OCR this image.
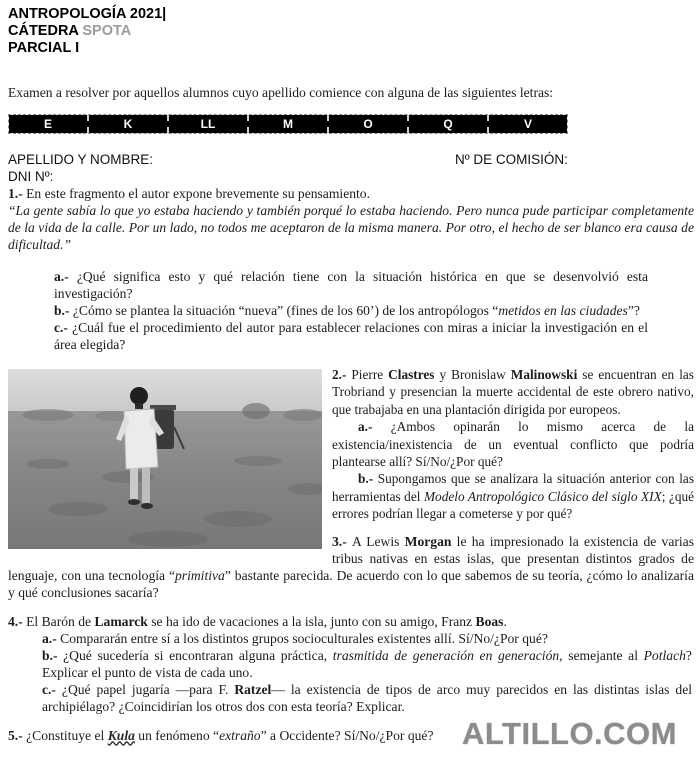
ANTROPOLOGÍA 2021|
CÁTEDRA SPOTA
PARCIAL I

Examen a resolver por aquellos alumnos cuyo apellido comience con alguna de las siguientes letras:

E	K	LL	M	O	Q	V
APELLIDO Y NOMBRE:	Nº DE COMISIÓN:
DNI Nº:

1.- En este fragmento el autor expone brevemente su pensamiento.

“La gente sabía lo que yo estaba haciendo y también porqué lo estaba haciendo. Pero nunca pude participar completamente de la vida de la calle. Por un lado, no todos me aceptaron de la misma manera. Por otro, el hecho de ser blanco era causa de dificultad.”

a.- ¿Qué significa esto y qué relación tiene con la situación histórica en que se desenvolvió esta investigación?

b.- ¿Cómo se plantea la situación “nueva” (fines de los 60’) de los antropólogos “metidos en las ciudades”?

c.- ¿Cuál fue el procedimiento del autor para establecer relaciones con miras a iniciar la investigación en el área elegida?

2.- Pierre Clastres y Bronislaw Malinowski se encuentran en las Trobriand y presencian la muerte accidental de este obrero nativo, que trabajaba en una plantación dirigida por europeos.

a.- ¿Ambos opinarán lo mismo acerca de la existencia/inexistencia de un eventual conflicto que podría plantearse allí? Sí/No/¿Por qué?

b.- Supongamos que se analizara la situación anterior con las herramientas del Modelo Antropológico Clásico del siglo XIX; ¿qué errores podrían llegar a cometerse y por qué?

3.- A Lewis Morgan le ha impresionado la existencia de varias tribus nativas en estas islas, que presentan distintos grados de lenguaje, con una tecnología “primitiva” bastante parecida. De acuerdo con lo que sabemos de su teoría, ¿cómo lo analizaría y qué conclusiones sacaría?

4.- El Barón de Lamarck se ha ido de vacaciones a la isla, junto con su amigo, Franz Boas.

a.- Compararán entre sí a los distintos grupos socioculturales existentes allí. Sí/No/¿Por qué?

b.- ¿Qué sucedería si encontraran alguna práctica, trasmitida de generación en generación, semejante al Potlach? Explicar el punto de vista de cada uno.

c.- ¿Qué papel jugaría —para F. Ratzel— la existencia de tipos de arco muy parecidos en las distintas islas del archipiélago? ¿Coincidirían los otros dos con esta teoría? Explicar.

5.- ¿Constituye el Kula un fenómeno “extraño” a Occidente? Sí/No/¿Por qué? ALTILLO.COM
